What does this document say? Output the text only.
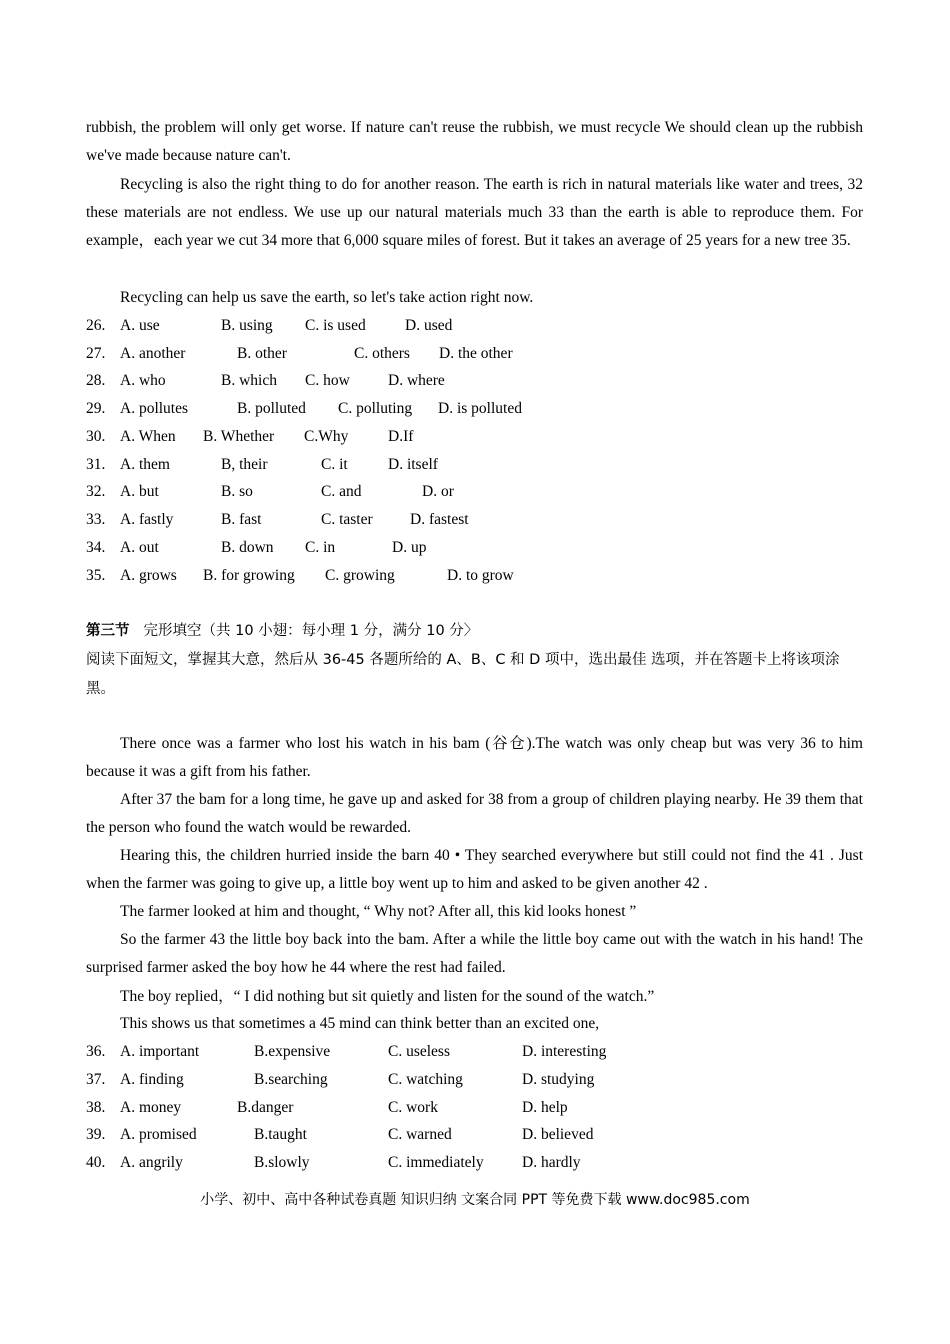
rubbish, the problem will only get worse. If nature can't reuse the rubbish, we must recycle We should clean up the rubbish we've made because nature can't.

Recycling is also the right thing to do for another reason. The earth is rich in natural materials like water and trees, 32 these materials are not endless. We use up our natural materials much 33 than the earth is able to reproduce them. For example，each year we cut 34 more that 6,000 square miles of forest. But it takes an average of 25 years for a new tree 35.

Recycling can help us save the earth, so let's take action right now.

26. A. use	B. using C. is used	D. used
27. A. another	B. other	C. others D. the other
28. A. who	B. which C. how D. where
29. A. pollutes	B. polluted C. polluting D. is polluted
30. A. When B. Whether C.Why	D.If
31. A. them	B, their	C. it	D. itself
32. A. but	B. so	C. and	D. or
33. A. fastly	B. fast	C. taster D. fastest
34. A. out	B. down C. in	D. up
35. A. grows B. for growing C. growing	D. to grow
第三节 完形填空（共 10 小翅：每小理 1 分，满分 10 分〉

阅读下面短文，掌握其大意，然后从 36-45 各题所给的 A、B、C 和 D 项中，选出最佳 选项，并在答题卡上将该项涂黑。

There once was a farmer who lost his watch in his bam (谷仓).The watch was only cheap but was very 36 to him because it was a gift from his father.

After 37 the bam for a long time, he gave up and asked for 38 from a group of children playing nearby. He 39 them that the person who found the watch would be rewarded.

Hearing this, the children hurried inside the barn 40 • They searched everywhere but still could not find the 41 . Just when the farmer was going to give up, a little boy went up to him and asked to be given another 42 .

The farmer looked at him and thought, “ Why not? After all, this kid looks honest ”

So the farmer 43 the little boy back into the bam. After a while the little boy came out with the watch in his hand! The surprised farmer asked the boy how he 44 where the rest had failed.

The boy replied，“ I did nothing but sit quietly and listen for the sound of the watch.”

This shows us that sometimes a 45 mind can think better than an excited one,

36. A. important	B.expensive	C. useless	D. interesting
37. A. finding	B.searching	C. watching	D. studying
38. A. money	B.danger	C. work	D. help
39. A. promised	B.taught	C. warned	D. believed
40. A. angrily	B.slowly	C. immediately D. hardly
小学、初中、高中各种试卷真题 知识归纳 文案合同 PPT 等免费下载 www.doc985.com
